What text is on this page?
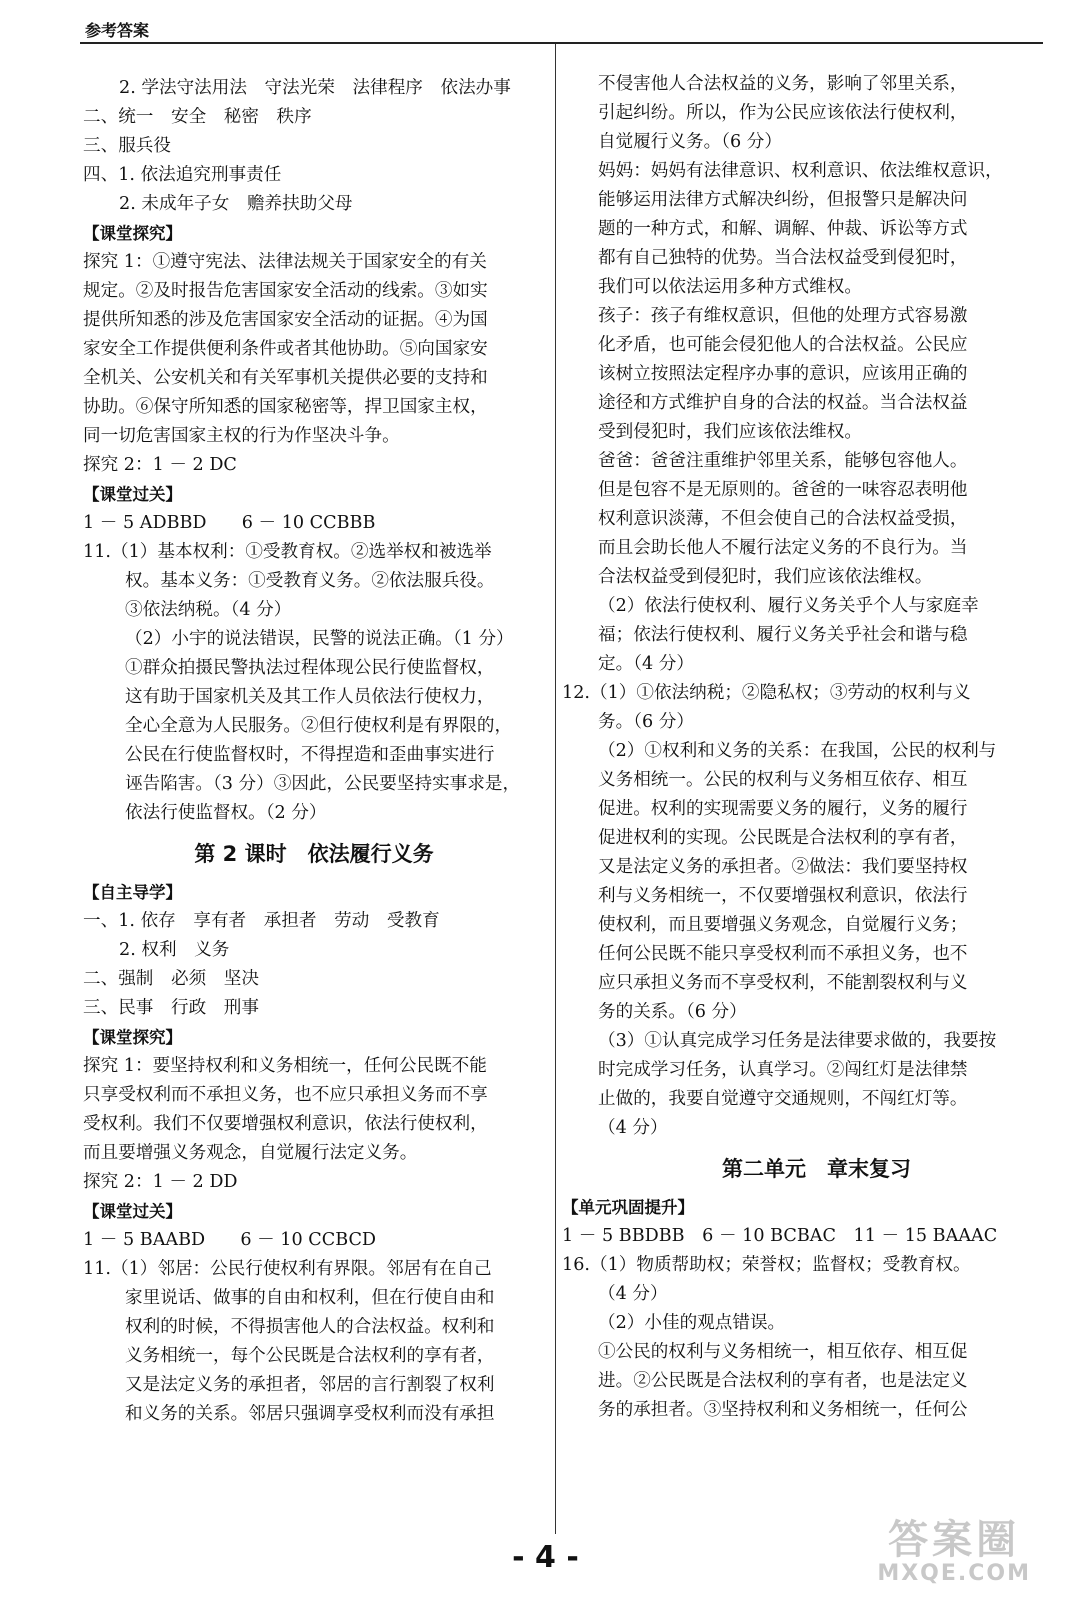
参考答案
2. 学法守法用法　守法光荣　法律程序　依法办事
二、统一　安全　秘密　秩序
三、服兵役
四、1. 依法追究刑事责任
2. 未成年子女　赡养扶助父母
【课堂探究】
探究 1：①遵守宪法、法律法规关于国家安全的有关
规定。②及时报告危害国家安全活动的线索。③如实
提供所知悉的涉及危害国家安全活动的证据。④为国
家安全工作提供便利条件或者其他协助。⑤向国家安
全机关、公安机关和有关军事机关提供必要的支持和
协助。⑥保守所知悉的国家秘密等，捍卫国家主权，
同一切危害国家主权的行为作坚决斗争。
探究 2：1 － 2 DC
【课堂过关】
1 － 5 ADBBD　　6 － 10 CCBBB
11.（1）基本权利：①受教育权。②选举权和被选举
权。基本义务：①受教育义务。②依法服兵役。
③依法纳税。（4 分）
（2）小宇的说法错误，民警的说法正确。（1 分）
①群众拍摄民警执法过程体现公民行使监督权，
这有助于国家机关及其工作人员依法行使权力，
全心全意为人民服务。②但行使权利是有界限的，
公民在行使监督权时，不得捏造和歪曲事实进行
诬告陷害。（3 分）③因此，公民要坚持实事求是，
依法行使监督权。（2 分）
第 2 课时　依法履行义务
【自主导学】
一、1. 依存　享有者　承担者　劳动　受教育
2. 权利　义务
二、强制　必须　坚决
三、民事　行政　刑事
【课堂探究】
探究 1：要坚持权利和义务相统一，任何公民既不能
只享受权利而不承担义务，也不应只承担义务而不享
受权利。我们不仅要增强权利意识，依法行使权利，
而且要增强义务观念，自觉履行法定义务。
探究 2：1 － 2 DD
【课堂过关】
1 － 5 BAABD　　6 － 10 CCBCD
11.（1）邻居：公民行使权利有界限。邻居有在自己
家里说话、做事的自由和权利，但在行使自由和
权利的时候，不得损害他人的合法权益。权利和
义务相统一，每个公民既是合法权利的享有者，
又是法定义务的承担者，邻居的言行割裂了权利
和义务的关系。邻居只强调享受权利而没有承担
不侵害他人合法权益的义务，影响了邻里关系，
引起纠纷。所以，作为公民应该依法行使权利，
自觉履行义务。（6 分）
妈妈：妈妈有法律意识、权利意识、依法维权意识，
能够运用法律方式解决纠纷，但报警只是解决问
题的一种方式，和解、调解、仲裁、诉讼等方式
都有自己独特的优势。当合法权益受到侵犯时，
我们可以依法运用多种方式维权。
孩子：孩子有维权意识，但他的处理方式容易激
化矛盾，也可能会侵犯他人的合法权益。公民应
该树立按照法定程序办事的意识，应该用正确的
途径和方式维护自身的合法的权益。当合法权益
受到侵犯时，我们应该依法维权。
爸爸：爸爸注重维护邻里关系，能够包容他人。
但是包容不是无原则的。爸爸的一味容忍表明他
权利意识淡薄，不但会使自己的合法权益受损，
而且会助长他人不履行法定义务的不良行为。当
合法权益受到侵犯时，我们应该依法维权。
（2）依法行使权利、履行义务关乎个人与家庭幸
福；依法行使权利、履行义务关乎社会和谐与稳
定。（4 分）
12.（1）①依法纳税；②隐私权；③劳动的权利与义
务。（6 分）
（2）①权利和义务的关系：在我国，公民的权利与
义务相统一。公民的权利与义务相互依存、相互
促进。权利的实现需要义务的履行，义务的履行
促进权利的实现。公民既是合法权利的享有者，
又是法定义务的承担者。②做法：我们要坚持权
利与义务相统一，不仅要增强权利意识，依法行
使权利，而且要增强义务观念，自觉履行义务；
任何公民既不能只享受权利而不承担义务，也不
应只承担义务而不享受权利，不能割裂权利与义
务的关系。（6 分）
（3）①认真完成学习任务是法律要求做的，我要按
时完成学习任务，认真学习。②闯红灯是法律禁
止做的，我要自觉遵守交通规则，不闯红灯等。
（4 分）
第二单元　章末复习
【单元巩固提升】
1 － 5 BBDBB　6 － 10 BCBAC　11 － 15 BAAAC
16.（1）物质帮助权；荣誉权；监督权；受教育权。
（4 分）
（2）小佳的观点错误。
①公民的权利与义务相统一，相互依存、相互促
进。②公民既是合法权利的享有者，也是法定义
务的承担者。③坚持权利和义务相统一，任何公
- 4 -	答案圈
MXQE.COM
